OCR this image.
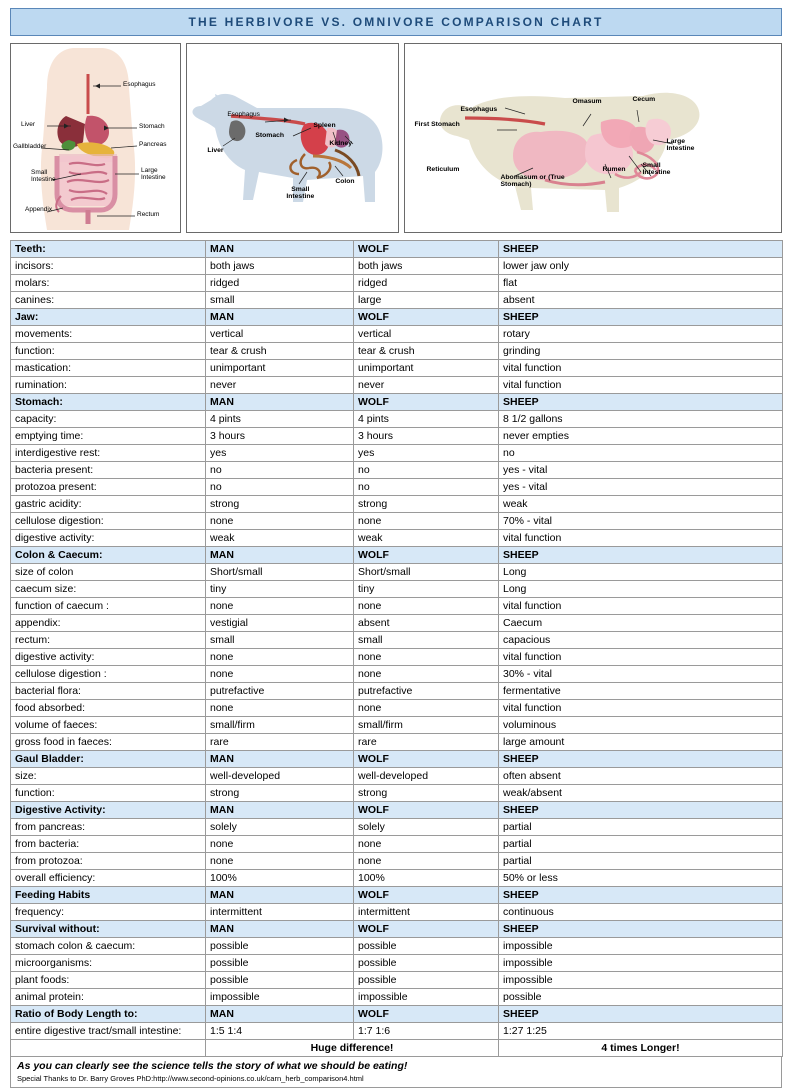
THE HERBIVORE VS. OMNIVORE COMPARISON CHART
Esophagus
Liver	Stomach
Gallbladder	Pancreas
Small Intestine
Large Intestine
Appendix
Rectum
Esophagus
Stomach
Spleen
Kidney
Liver
Small Intestine
Colon
Esophagus
Omasum	Cecum
First Stomach
Large Intestine
Reticulum	Rumen
Small Intestine
Abomasum or (True Stomach)
Teeth:	MAN	WOLF	SHEEP
incisors:	both jaws	both jaws	lower jaw only
molars:	ridged	ridged	flat
canines:	small	large	absent
Jaw:	MAN	WOLF	SHEEP
movements:	vertical	vertical	rotary
function:	tear & crush	tear & crush	grinding
mastication:	unimportant	unimportant	vital function
rumination:	never	never	vital function
Stomach:	MAN	WOLF	SHEEP
capacity:	4 pints	4 pints	8 1/2 gallons
emptying time:	3 hours	3 hours	never empties
interdigestive rest:	yes	yes	no
bacteria present:	no	no	yes - vital
protozoa present:	no	no	yes - vital
gastric acidity:	strong	strong	weak
cellulose digestion:	none	none	70% - vital
digestive activity:	weak	weak	vital function
Colon & Caecum:	MAN	WOLF	SHEEP
size of colon	Short/small	Short/small	Long
caecum size:	tiny	tiny	Long
function of caecum :	none	none	vital function
appendix:	vestigial	absent	Caecum
rectum:	small	small	capacious
digestive activity:	none	none	vital function
cellulose digestion :	none	none	30% - vital
bacterial flora:	putrefactive	putrefactive	fermentative
food absorbed:	none	none	vital function
volume of faeces:	small/firm	small/firm	voluminous
gross food in faeces:	rare	rare	large amount
Gaul Bladder:	MAN	WOLF	SHEEP
size:	well-developed	well-developed	often absent
function:	strong	strong	weak/absent
Digestive Activity:	MAN	WOLF	SHEEP
from pancreas:	solely	solely	partial
from bacteria:	none	none	partial
from protozoa:	none	none	partial
overall efficiency:	100%	100%	50% or less
Feeding Habits	MAN	WOLF	SHEEP
frequency:	intermittent	intermittent	continuous
Survival without:	MAN	WOLF	SHEEP
stomach colon & caecum:	possible	possible	impossible
microorganisms:	possible	possible	impossible
plant foods:	possible	possible	impossible
animal protein:	impossible	impossible	possible
Ratio of Body Length to:	MAN	WOLF	SHEEP
entire digestive tract/small intestine:	1:5 1:4	1:7 1:6	1:27 1:25
	Huge difference!		4 times Longer!
As you can clearly see the science tells the story of what we should be eating!
Special Thanks to Dr. Barry Groves PhD:http://www.second-opinions.co.uk/carn_herb_comparison4.html
